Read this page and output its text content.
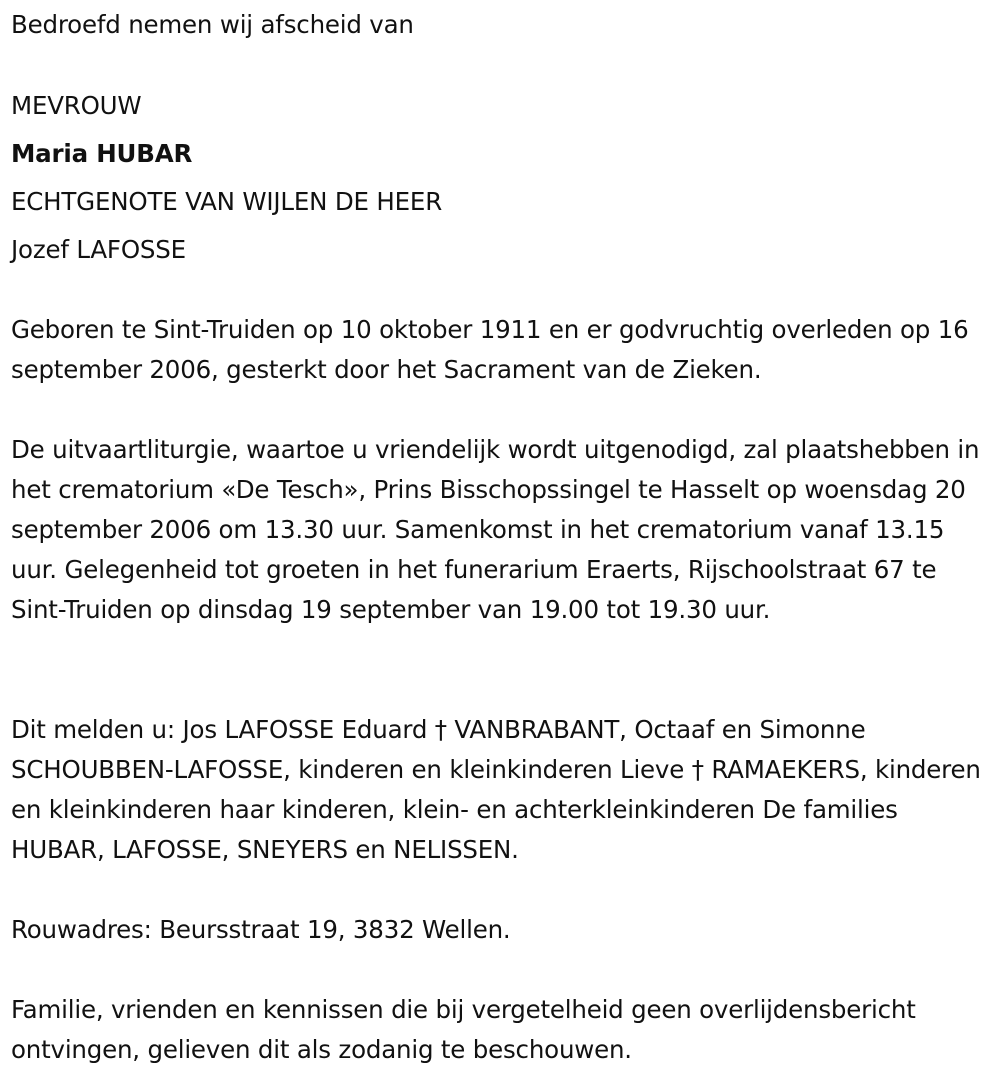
Bedroefd nemen wij afscheid van
MEVROUW
Maria HUBAR
ECHTGENOTE VAN WIJLEN DE HEER
Jozef LAFOSSE
Geboren te Sint-Truiden op 10 oktober 1911 en er godvruchtig overleden op 16 september 2006, gesterkt door het Sacrament van de Zieken.
De uitvaartliturgie, waartoe u vriendelijk wordt uitgenodigd, zal plaatshebben in het crematorium «De Tesch», Prins Bisschopssingel te Hasselt op woensdag 20 september 2006 om 13.30 uur. Samenkomst in het crematorium vanaf 13.15 uur. Gelegenheid tot groeten in het funerarium Eraerts, Rijschoolstraat 67 te Sint-Truiden op dinsdag 19 september van 19.00 tot 19.30 uur.
Dit melden u: Jos LAFOSSE Eduard † VANBRABANT, Octaaf en Simonne SCHOUBBEN-LAFOSSE, kinderen en kleinkinderen Lieve † RAMAEKERS, kinderen en kleinkinderen haar kinderen, klein- en achterkleinkinderen De families HUBAR, LAFOSSE, SNEYERS en NELISSEN.
Rouwadres: Beursstraat 19, 3832 Wellen.
Familie, vrienden en kennissen die bij vergetelheid geen overlijdensbericht ontvingen, gelieven dit als zodanig te beschouwen.
